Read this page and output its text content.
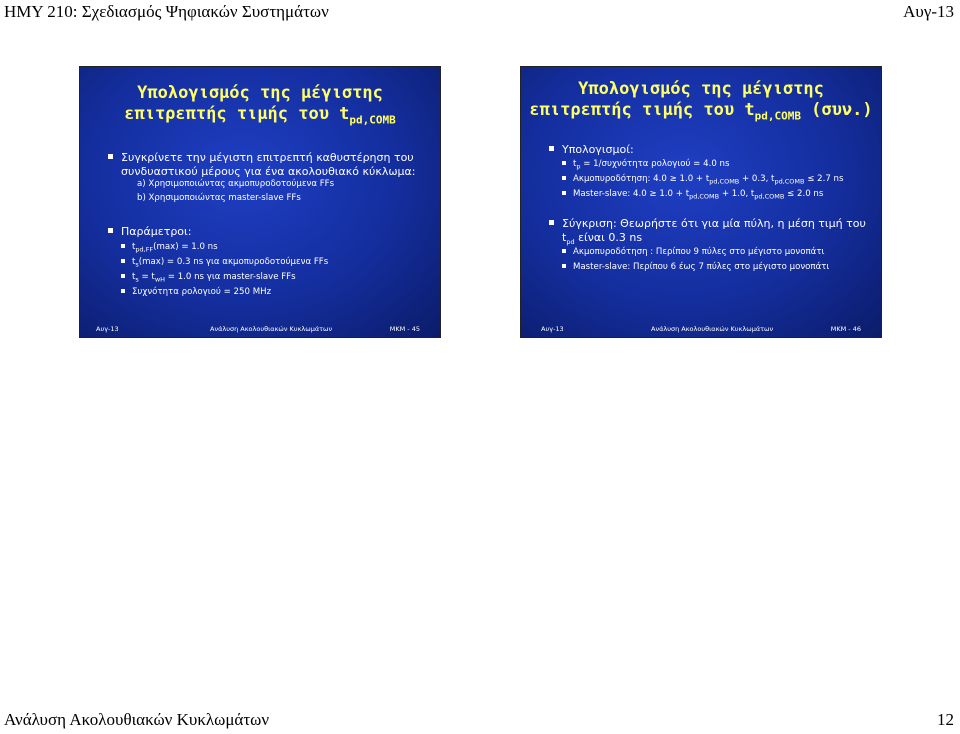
ΗΜΥ 210: Σχεδιασμός Ψηφιακών Συστημάτων	Αυγ-13
Υπολογισμός της μέγιστης
επιτρεπτής τιμής του $t_{pd,COMB}$
Συγκρίνετε την μέγιστη επιτρεπτή καθυστέρηση του
συνδυαστικού μέρους για ένα ακολουθιακό κύκλωμα:
a) Χρησιμοποιώντας ακμοπυροδοτούμενα FFs
b) Χρησιμοποιώντας master-slave FFs
Παράμετροι:
$t_{pd,FF}(\max) = 1.0$ ns
$t_s(\max) = 0.3$ ns για ακμοπυροδοτούμενα FFs
$t_s = t_{wH} = 1.0$ ns για master-slave FFs
Συχνότητα ρολογιού = 250 MHz
Αυγ-13	Ανάλυση Ακολουθιακών Κυκλωμάτων	MKM - 45
Υπολογισμός της μέγιστης
επιτρεπτής τιμής του $t_{pd,COMB}$ (συν.)
Υπολογισμοί:
$t_p = 1/\sigma\upsilon\chi\nu ό\tau\eta\tau\alpha$ ρολογιού = 4.0 ns
Ακμοπυροδότηση: $4.0 \ge 1.0 + t_{pd,COMB} + 0.3$, $t_{pd,COMB} \le 2.7$ ns
Master-slave: $4.0 \ge 1.0 + t_{pd,COMB} + 1.0$, $t_{pd,COMB} \le 2.0$ ns
Σύγκριση: Θεωρήστε ότι για μία πύλη, η μέση τιμή του
$t_{pd}$ είναι 0.3 ns
Ακμοπυροδότηση : Περίπου 9 πύλες στο μέγιστο μονοπάτι
Master-slave: Περίπου 6 έως 7 πύλες στο μέγιστο μονοπάτι
Αυγ-13	Ανάλυση Ακολουθιακών Κυκλωμάτων	MKM - 46
Ανάλυση Ακολουθιακών Κυκλωμάτων	12
